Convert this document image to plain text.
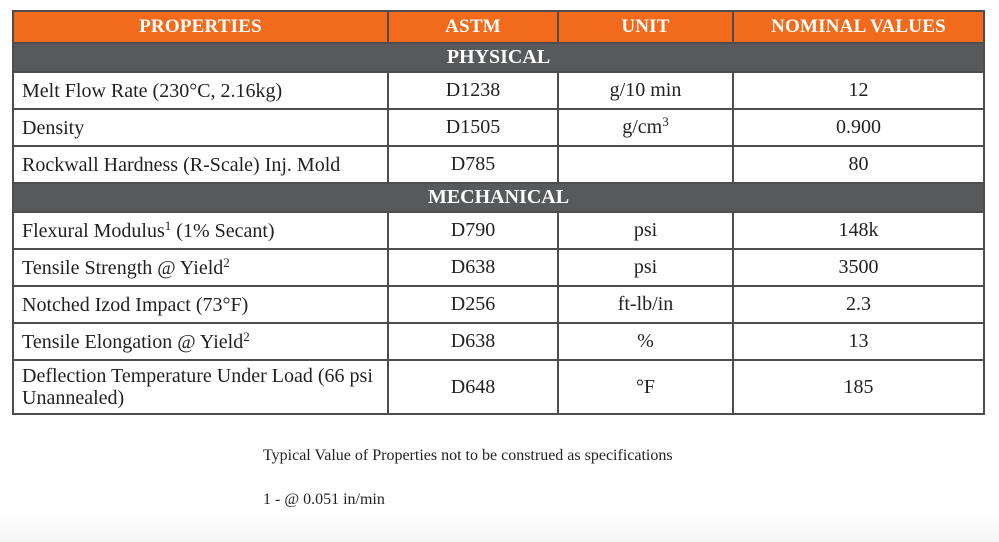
PROPERTIES	ASTM	UNIT	NOMINAL VALUES
PHYSICAL			
Melt Flow Rate (230°C, 2.16kg)	D1238	g/10 min	12
Density	D1505	$g/cm^3$	0.900
Rockwall Hardness (R-Scale) Inj. Mold	D785		80
MECHANICAL			
Flexural Modulus$^1$ (1% Secant)	D790	psi	148k
Tensile Strength @ Yield$^2$	D638	psi	3500
Notched Izod Impact (73°F)	D256	ft-lb/in	2.3
Tensile Elongation @ Yield$^2$	D638	%	13
Deflection Temperature Under Load (66 psi Unannealed)	D648	°F	185
Typical Value of Properties not to be construed as specifications
1 - @ 0.051 in/min
